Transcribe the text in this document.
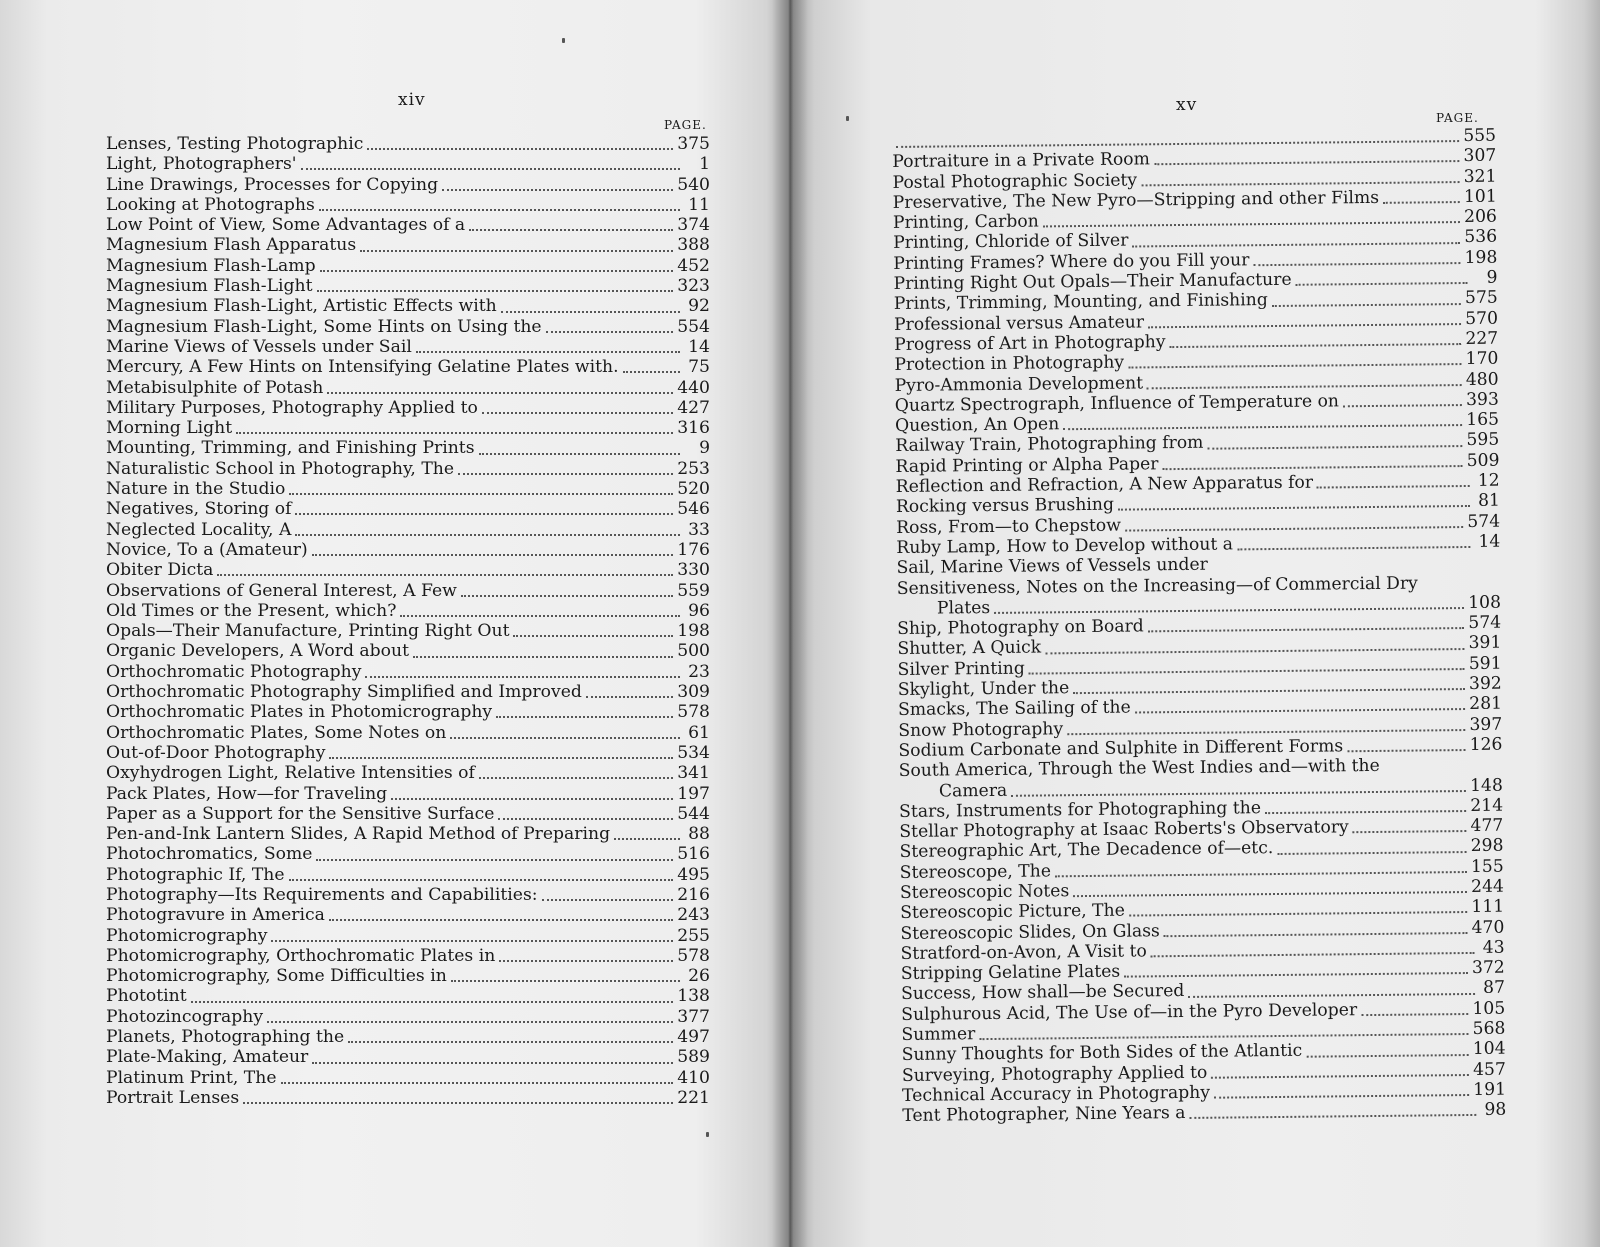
xiv
PAGE.
Lenses, Testing Photographic	375
Light, Photographers'	1
Line Drawings, Processes for Copying	540
Looking at Photographs	11
Low Point of View, Some Advantages of a	374
Magnesium Flash Apparatus	388
Magnesium Flash-Lamp	452
Magnesium Flash-Light	323
Magnesium Flash-Light, Artistic Effects with	92
Magnesium Flash-Light, Some Hints on Using the	554
Marine Views of Vessels under Sail	14
Mercury, A Few Hints on Intensifying Gelatine Plates with.	75
Metabisulphite of Potash	440
Military Purposes, Photography Applied to	427
Morning Light	316
Mounting, Trimming, and Finishing Prints	9
Naturalistic School in Photography, The	253
Nature in the Studio	520
Negatives, Storing of	546
Neglected Locality, A	33
Novice, To a (Amateur)	176
Obiter Dicta	330
Observations of General Interest, A Few	559
Old Times or the Present, which?	96
Opals—Their Manufacture, Printing Right Out	198
Organic Developers, A Word about	500
Orthochromatic Photography	23
Orthochromatic Photography Simplified and Improved	309
Orthochromatic Plates in Photomicrography	578
Orthochromatic Plates, Some Notes on	61
Out-of-Door Photography	534
Oxyhydrogen Light, Relative Intensities of	341
Pack Plates, How—for Traveling	197
Paper as a Support for the Sensitive Surface	544
Pen-and-Ink Lantern Slides, A Rapid Method of Preparing	88
Photochromatics, Some	516
Photographic If, The	495
Photography—Its Requirements and Capabilities:	216
Photogravure in America	243
Photomicrography	255
Photomicrography, Orthochromatic Plates in	578
Photomicrography, Some Difficulties in	26
Phototint	138
Photozincography	377
Planets, Photographing the	497
Plate-Making, Amateur	589
Platinum Print, The	410
Portrait Lenses	221
xv
PAGE.
555
Portraiture in a Private Room	307
Postal Photographic Society	321
Preservative, The New Pyro—Stripping and other Films	101
Printing, Carbon	206
Printing, Chloride of Silver	536
Printing Frames? Where do you Fill your	198
Printing Right Out Opals—Their Manufacture	9
Prints, Trimming, Mounting, and Finishing	575
Professional versus Amateur	570
Progress of Art in Photography	227
Protection in Photography	170
Pyro-Ammonia Development	480
Quartz Spectrograph, Influence of Temperature on	393
Question, An Open	165
Railway Train, Photographing from	595
Rapid Printing or Alpha Paper	509
Reflection and Refraction, A New Apparatus for	12
Rocking versus Brushing	81
Ross, From—to Chepstow	574
Ruby Lamp, How to Develop without a	14
Sail, Marine Views of Vessels under
Sensitiveness, Notes on the Increasing—of Commercial Dry
Plates	108
Ship, Photography on Board	574
Shutter, A Quick	391
Silver Printing	591
Skylight, Under the	392
Smacks, The Sailing of the	281
Snow Photography	397
Sodium Carbonate and Sulphite in Different Forms	126
South America, Through the West Indies and—with the
Camera	148
Stars, Instruments for Photographing the	214
Stellar Photography at Isaac Roberts's Observatory	477
Stereographic Art, The Decadence of—etc.	298
Stereoscope, The	155
Stereoscopic Notes	244
Stereoscopic Picture, The	111
Stereoscopic Slides, On Glass	470
Stratford-on-Avon, A Visit to	43
Stripping Gelatine Plates	372
Success, How shall—be Secured	87
Sulphurous Acid, The Use of—in the Pyro Developer	105
Summer	568
Sunny Thoughts for Both Sides of the Atlantic	104
Surveying, Photography Applied to	457
Technical Accuracy in Photography	191
Tent Photographer, Nine Years a	98
